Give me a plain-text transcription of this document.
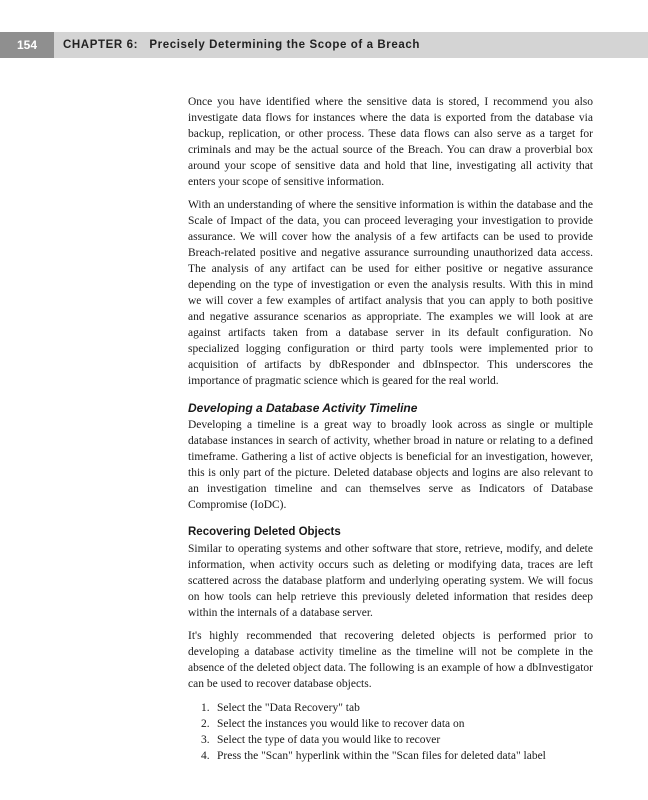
154	CHAPTER 6: Precisely Determining the Scope of a Breach

Once you have identified where the sensitive data is stored, I recommend you also investigate data flows for instances where the data is exported from the database via backup, replication, or other process. These data flows can also serve as a target for criminals and may be the actual source of the Breach. You can draw a proverbial box around your scope of sensitive data and hold that line, investigating all activity that enters your scope of sensitive information.

With an understanding of where the sensitive information is within the database and the Scale of Impact of the data, you can proceed leveraging your investigation to provide assurance. We will cover how the analysis of a few artifacts can be used to provide Breach-related positive and negative assurance surrounding unauthorized data access. The analysis of any artifact can be used for either positive or negative assurance depending on the type of investigation or even the analysis results. With this in mind we will cover a few examples of artifact analysis that you can apply to both positive and negative assurance scenarios as appropriate. The examples we will look at are against artifacts taken from a database server in its default configuration. No specialized logging configuration or third party tools were implemented prior to acquisition of artifacts by dbResponder and dbInspector. This underscores the importance of pragmatic science which is geared for the real world.

Developing a Database Activity Timeline

Developing a timeline is a great way to broadly look across as single or multiple database instances in search of activity, whether broad in nature or relating to a defined timeframe. Gathering a list of active objects is beneficial for an investigation, however, this is only part of the picture. Deleted database objects and logins are also relevant to an investigation timeline and can themselves serve as Indicators of Database Compromise (IoDC).

Recovering Deleted Objects

Similar to operating systems and other software that store, retrieve, modify, and delete information, when activity occurs such as deleting or modifying data, traces are left scattered across the database platform and underlying operating system. We will focus on how tools can help retrieve this previously deleted information that resides deep within the internals of a database server.

It's highly recommended that recovering deleted objects is performed prior to developing a database activity timeline as the timeline will not be complete in the absence of the deleted object data. The following is an example of how a dbInvestigator can be used to recover database objects.

1. Select the "Data Recovery" tab
2. Select the instances you would like to recover data on
3. Select the type of data you would like to recover
4. Press the "Scan" hyperlink within the "Scan files for deleted data" label
